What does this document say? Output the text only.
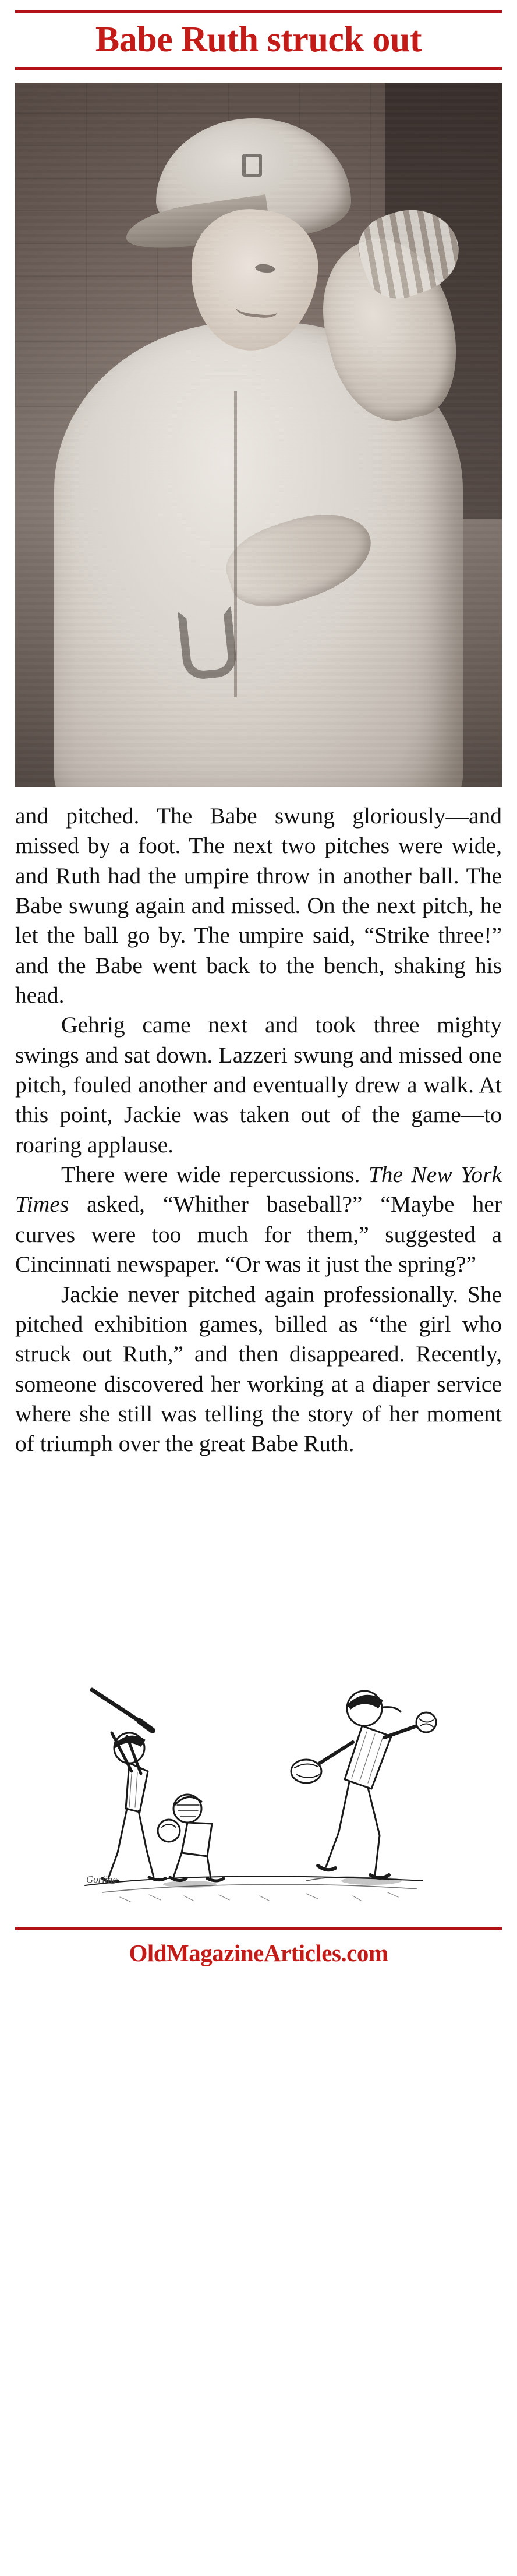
Babe Ruth struck out

and pitched. The Babe swung gloriously—and missed by a foot. The next two pitches were wide, and Ruth had the umpire throw in another ball. The Babe swung again and missed. On the next pitch, he let the ball go by. The umpire said, “Strike three!” and the Babe went back to the bench, shaking his head.

Gehrig came next and took three mighty swings and sat down. Lazzeri swung and missed one pitch, fouled another and eventually drew a walk. At this point, Jackie was taken out of the game—to roaring applause.

There were wide repercussions. The New York Times asked, “Whither baseball?” “Maybe her curves were too much for them,” suggested a Cincinnati newspaper. “Or was it just the spring?”

Jackie never pitched again professionally. She pitched exhibition games, billed as “the girl who struck out Ruth,” and then disappeared. Recently, someone discovered her working at a diaper service where she still was telling the story of her moment of triumph over the great Babe Ruth.

Gorline
OldMagazineArticles.com
